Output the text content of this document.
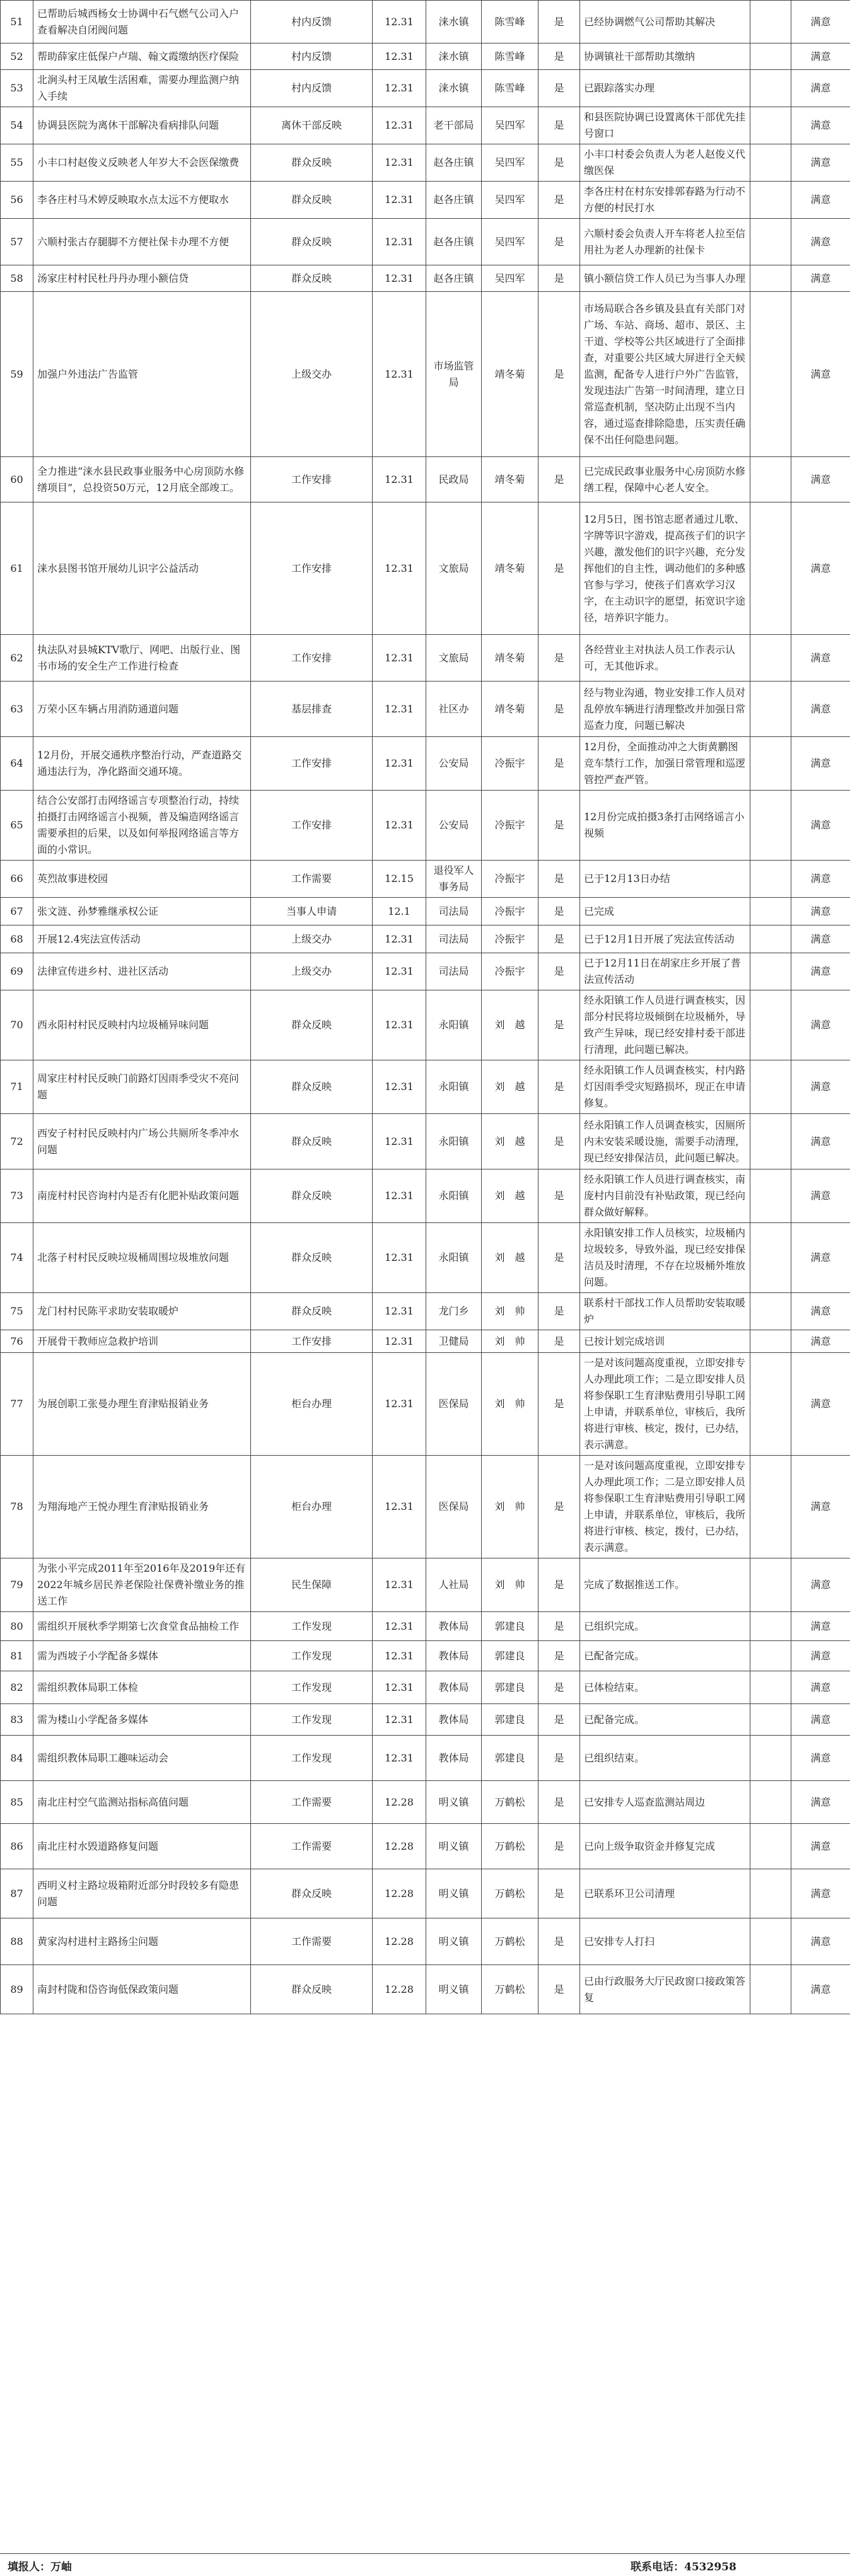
51	已帮助后城西杨女士协调中石气燃气公司入户查看解决自闭阀问题	村内反馈	12.31	涞水镇	陈雪峰	是	已经协调燃气公司帮助其解决		满意
52	帮助薛家庄低保户卢瑞、翰文霞缴纳医疗保险	村内反馈	12.31	涞水镇	陈雪峰	是	协调镇社干部帮助其缴纳		满意
53	北涧头村王凤敏生活困难，需要办理监测户纳入手续	村内反馈	12.31	涞水镇	陈雪峰	是	已跟踪落实办理		满意
54	协调县医院为离休干部解决看病排队问题	离休干部反映	12.31	老干部局	吴四军	是	和县医院协调已设置离休干部优先挂号窗口		满意
55	小丰口村赵俊义反映老人年岁大不会医保缴费	群众反映	12.31	赵各庄镇	吴四军	是	小丰口村委会负责人为老人赵俊义代缴医保		满意
56	李各庄村马术婷反映取水点太远不方便取水	群众反映	12.31	赵各庄镇	吴四军	是	李各庄村在村东安排郭春路为行动不方便的村民打水		满意
57	六顺村张古存腿脚不方便社保卡办理不方便	群众反映	12.31	赵各庄镇	吴四军	是	六顺村委会负责人开车将老人拉至信用社为老人办理新的社保卡		满意
58	汤家庄村村民杜丹丹办理小额信贷	群众反映	12.31	赵各庄镇	吴四军	是	镇小额信贷工作人员已为当事人办理		满意
59	加强户外违法广告监管	上级交办	12.31	市场监管局	靖冬菊	是	市场局联合各乡镇及县直有关部门对广场、车站、商场、超市、景区、主干道、学校等公共区域进行了全面排查，对重要公共区域大屏进行全天候监测，配备专人进行户外广告监管，发现违法广告第一时间清理，建立日常巡查机制，坚决防止出现不当内容，通过巡查排除隐患，压实责任确保不出任何隐患问题。		满意
60	全力推进“涞水县民政事业服务中心房顶防水修缮项目”，总投资50万元，12月底全部竣工。	工作安排	12.31	民政局	靖冬菊	是	已完成民政事业服务中心房顶防水修缮工程，保障中心老人安全。		满意
61	涞水县图书馆开展幼儿识字公益活动	工作安排	12.31	文旅局	靖冬菊	是	12月5日，图书馆志愿者通过儿歌、字牌等识字游戏，提高孩子们的识字兴趣，激发他们的识字兴趣，充分发挥他们的自主性，调动他们的多种感官参与学习，使孩子们喜欢学习汉字，在主动识字的愿望，拓宽识字途径，培养识字能力。		满意
62	执法队对县城KTV歌厅、网吧、出版行业、图书市场的安全生产工作进行检查	工作安排	12.31	文旅局	靖冬菊	是	各经营业主对执法人员工作表示认可，无其他诉求。		满意
63	万荣小区车辆占用消防通道问题	基层排查	12.31	社区办	靖冬菊	是	经与物业沟通，物业安排工作人员对乱停放车辆进行清理整改并加强日常巡查力度，问题已解决		满意
64	12月份，开展交通秩序整治行动，严查道路交通违法行为，净化路面交通环境。	工作安排	12.31	公安局	冷振宇	是	12月份，全面推动冲之大街黄鹏图竞车禁行工作，加强日常管理和巡逻管控严查严管。		满意
65	结合公安部打击网络谣言专项整治行动，持续拍摄打击网络谣言小视频，普及编造网络谣言需要承担的后果，以及如何举报网络谣言等方面的小常识。	工作安排	12.31	公安局	冷振宇	是	12月份完成拍摄3条打击网络谣言小视频		满意
66	英烈故事进校园	工作需要	12.15	退役军人事务局	冷振宇	是	已于12月13日办结		满意
67	张文涟、孙梦雅继承权公证	当事人申请	12.1	司法局	冷振宇	是	已完成		满意
68	开展12.4宪法宣传活动	上级交办	12.31	司法局	冷振宇	是	已于12月1日开展了宪法宣传活动		满意
69	法律宣传进乡村、进社区活动	上级交办	12.31	司法局	冷振宇	是	已于12月11日在胡家庄乡开展了普法宣传活动		满意
70	西永阳村村民反映村内垃圾桶异味问题	群众反映	12.31	永阳镇	刘　越	是	经永阳镇工作人员进行调查核实，因部分村民将垃圾倾倒在垃圾桶外，导致产生异味，现已经安排村委干部进行清理，此问题已解决。		满意
71	周家庄村村民反映门前路灯因雨季受灾不亮问题	群众反映	12.31	永阳镇	刘　越	是	经永阳镇工作人员调查核实，村内路灯因雨季受灾短路损坏，现正在申请修复。		满意
72	西安子村村民反映村内广场公共厕所冬季冲水问题	群众反映	12.31	永阳镇	刘　越	是	经永阳镇工作人员调查核实，因厕所内未安装采暖设施，需要手动清理，现已经安排保洁员，此问题已解决。		满意
73	南庞村村民咨询村内是否有化肥补贴政策问题	群众反映	12.31	永阳镇	刘　越	是	经永阳镇工作人员进行调查核实，南庞村内目前没有补贴政策，现已经向群众做好解释。		满意
74	北落子村村民反映垃圾桶周围垃圾堆放问题	群众反映	12.31	永阳镇	刘　越	是	永阳镇安排工作人员核实，垃圾桶内垃圾较多，导致外溢，现已经安排保洁员及时清理，不存在垃圾桶外堆放问题。		满意
75	龙门村村民陈平求助安装取暖炉	群众反映	12.31	龙门乡	刘　帅	是	联系村干部找工作人员帮助安装取暖炉		满意
76	开展骨干教师应急救护培训	工作安排	12.31	卫健局	刘　帅	是	已按计划完成培训		满意
77	为展创职工张曼办理生育津贴报销业务	柜台办理	12.31	医保局	刘　帅	是	一是对该问题高度重视，立即安排专人办理此项工作；二是立即安排人员将参保职工生育津贴费用引导职工网上申请，并联系单位，审核后，我所将进行审核、核定，拨付，已办结，表示满意。		满意
78	为翔海地产王悦办理生育津贴报销业务	柜台办理	12.31	医保局	刘　帅	是	一是对该问题高度重视，立即安排专人办理此项工作；二是立即安排人员将参保职工生育津贴费用引导职工网上申请，并联系单位，审核后，我所将进行审核、核定，拨付，已办结，表示满意。		满意
79	为张小平完成2011年至2016年及2019年还有2022年城乡居民养老保险社保费补缴业务的推送工作	民生保障	12.31	人社局	刘　帅	是	完成了数据推送工作。		满意
80	需组织开展秋季学期第七次食堂食品抽检工作	工作发现	12.31	教体局	郭建良	是	已组织完成。		满意
81	需为西坡子小学配备多媒体	工作发现	12.31	教体局	郭建良	是	已配备完成。		满意
82	需组织教体局职工体检	工作发现	12.31	教体局	郭建良	是	已体检结束。		满意
83	需为楼山小学配备多媒体	工作发现	12.31	教体局	郭建良	是	已配备完成。		满意
84	需组织教体局职工趣味运动会	工作发现	12.31	教体局	郭建良	是	已组织结束。		满意
85	南北庄村空气监测站指标高值问题	工作需要	12.28	明义镇	万鹤松	是	已安排专人巡查监测站周边		满意
86	南北庄村水毁道路修复问题	工作需要	12.28	明义镇	万鹤松	是	已向上级争取资金并修复完成		满意
87	西明义村主路垃圾箱附近部分时段较多有隐患问题	群众反映	12.28	明义镇	万鹤松	是	已联系环卫公司清理		满意
88	黄家沟村进村主路扬尘问题	工作需要	12.28	明义镇	万鹤松	是	已安排专人打扫		满意
89	南封村陇和岱咨询低保政策问题	群众反映	12.28	明义镇	万鹤松	是	已由行政服务大厅民政窗口接政策答复		满意
填报人：万岫	联系电话：4532958
